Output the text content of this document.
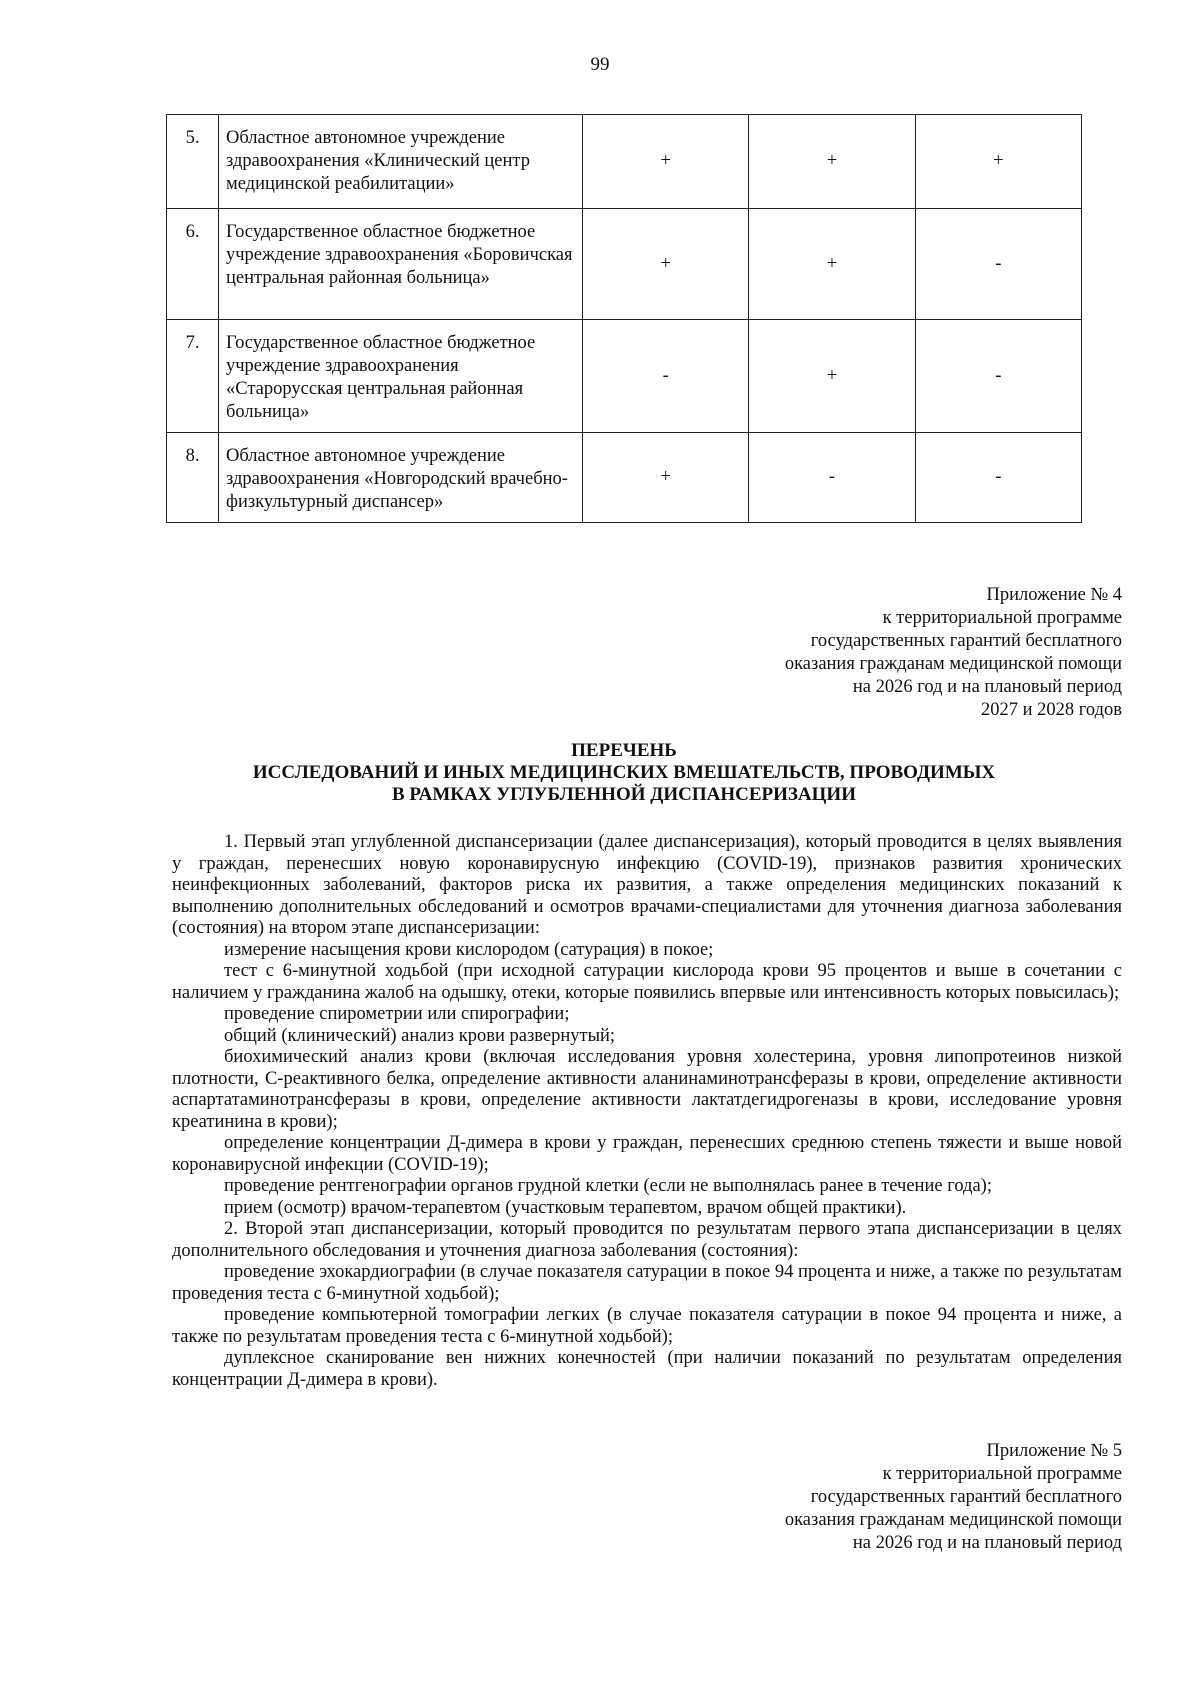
99
5.	Областное автономное учреждение здравоохранения «Клинический центр медицинской реабилитации»	+	+	+
6.	Государственное областное бюджетное учреждение здравоохранения «Боровичская центральная районная больница»	+	+	-
7.	Государственное областное бюджетное учреждение здравоохранения «Старорусская центральная районная больница»	-	+	-
8.	Областное автономное учреждение здравоохранения «Новгородский врачебно-физкультурный диспансер»	+	-	-
Приложение № 4
к территориальной программе
государственных гарантий бесплатного
оказания гражданам медицинской помощи
на 2026 год и на плановый период
2027 и 2028 годов
ПЕРЕЧЕНЬ
ИССЛЕДОВАНИЙ И ИНЫХ МЕДИЦИНСКИХ ВМЕШАТЕЛЬСТВ, ПРОВОДИМЫХ
В РАМКАХ УГЛУБЛЕННОЙ ДИСПАНСЕРИЗАЦИИ

1. Первый этап углубленной диспансеризации (далее диспансеризация), который проводится в целях выявления у граждан, перенесших новую коронавирусную инфекцию (COVID-19), признаков развития хронических неинфекционных заболеваний, факторов риска их развития, а также определения медицинских показаний к выполнению дополнительных обследований и осмотров врачами-специалистами для уточнения диагноза заболевания (состояния) на втором этапе диспансеризации:

измерение насыщения крови кислородом (сатурация) в покое;

тест с 6-минутной ходьбой (при исходной сатурации кислорода крови 95 процентов и выше в сочетании с наличием у гражданина жалоб на одышку, отеки, которые появились впервые или интенсивность которых повысилась);

проведение спирометрии или спирографии;

общий (клинический) анализ крови развернутый;

биохимический анализ крови (включая исследования уровня холестерина, уровня липопротеинов низкой плотности, С-реактивного белка, определение активности аланинаминотрансферазы в крови, определение активности аспартатаминотрансферазы в крови, определение активности лактатдегидрогеназы в крови, исследование уровня креатинина в крови);

определение концентрации Д-димера в крови у граждан, перенесших среднюю степень тяжести и выше новой коронавирусной инфекции (COVID-19);

проведение рентгенографии органов грудной клетки (если не выполнялась ранее в течение года);

прием (осмотр) врачом-терапевтом (участковым терапевтом, врачом общей практики).

2. Второй этап диспансеризации, который проводится по результатам первого этапа диспансеризации в целях дополнительного обследования и уточнения диагноза заболевания (состояния):

проведение эхокардиографии (в случае показателя сатурации в покое 94 процента и ниже, а также по результатам проведения теста с 6-минутной ходьбой);

проведение компьютерной томографии легких (в случае показателя сатурации в покое 94 процента и ниже, а также по результатам проведения теста с 6-минутной ходьбой);

дуплексное сканирование вен нижних конечностей (при наличии показаний по результатам определения концентрации Д-димера в крови).

Приложение № 5
к территориальной программе
государственных гарантий бесплатного
оказания гражданам медицинской помощи
на 2026 год и на плановый период
